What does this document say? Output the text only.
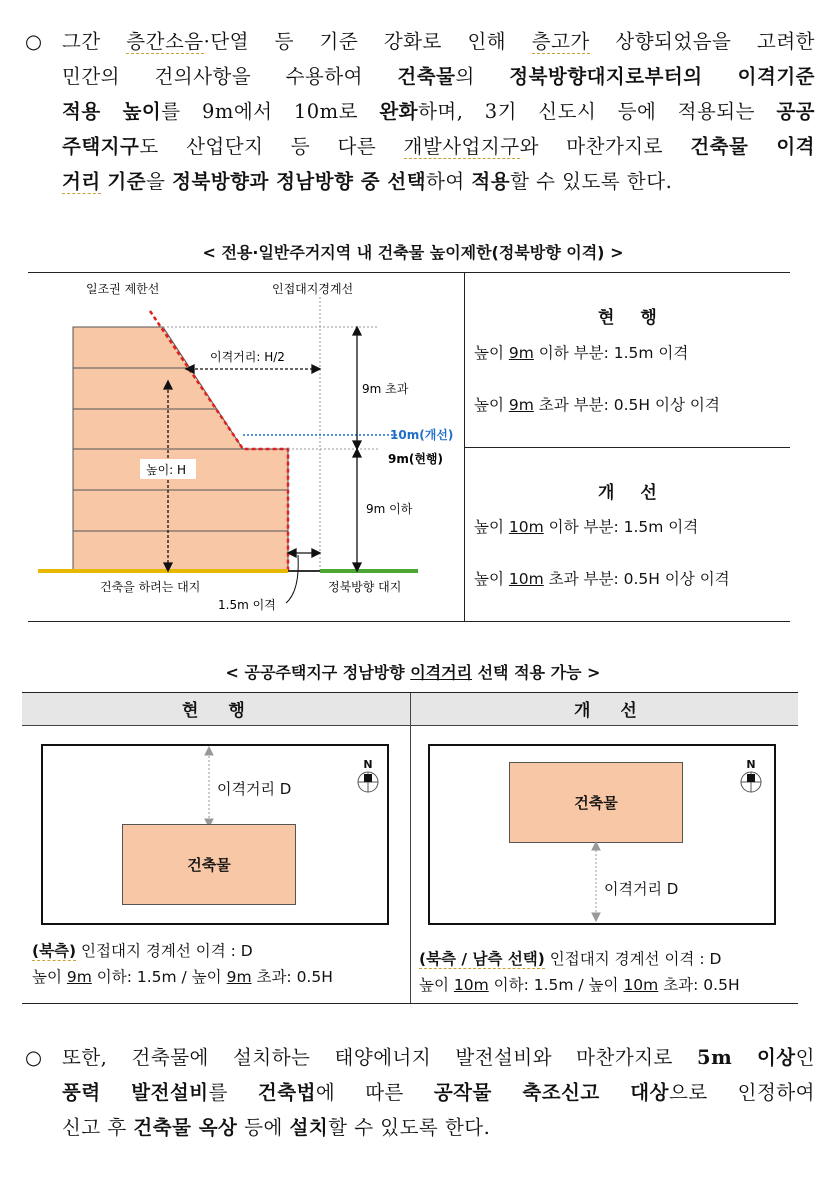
○ 그간 층간소음·단열 등 기준 강화로 인해 층고가 상향되었음을 고려한
민간의 건의사항을 수용하여 건축물의 정북방향대지로부터의 이격기준
적용 높이를 9m에서 10m로 완화하며, 3기 신도시 등에 적용되는 공공
주택지구도 산업단지 등 다른 개발사업지구와 마찬가지로 건축물 이격
거리 기준을 정북방향과 정남방향 중 선택하여 적용할 수 있도록 한다.
< 전용·일반주거지역 내 건축물 높이제한(정북방향 이격) >
일조권 제한선	인접대지경계선
이격거리: H/2
9m 초과
10m(개선)
9m(현행)
높이: H
9m 이하
건축을 하려는 대지	정북방향 대지
1.5m 이격
현 행
높이 9m 이하 부분: 1.5m 이격
높이 9m 초과 부분: 0.5H 이상 이격
개 선
높이 10m 이하 부분: 1.5m 이격
높이 10m 초과 부분: 0.5H 이상 이격
< 공공주택지구 정남방향 이격거리 선택 적용 가능 >
현 행	개 선
이격거리 D
건축물
N
(북측) 인접대지 경계선 이격 : D
높이 9m 이하: 1.5m / 높이 9m 초과: 0.5H
건축물
이격거리 D
N
(북측 / 남측 선택) 인접대지 경계선 이격 : D
높이 10m 이하: 1.5m / 높이 10m 초과: 0.5H
○ 또한, 건축물에 설치하는 태양에너지 발전설비와 마찬가지로 5m 이상인
풍력 발전설비를 건축법에 따른 공작물 축조신고 대상으로 인정하여
신고 후 건축물 옥상 등에 설치할 수 있도록 한다.
